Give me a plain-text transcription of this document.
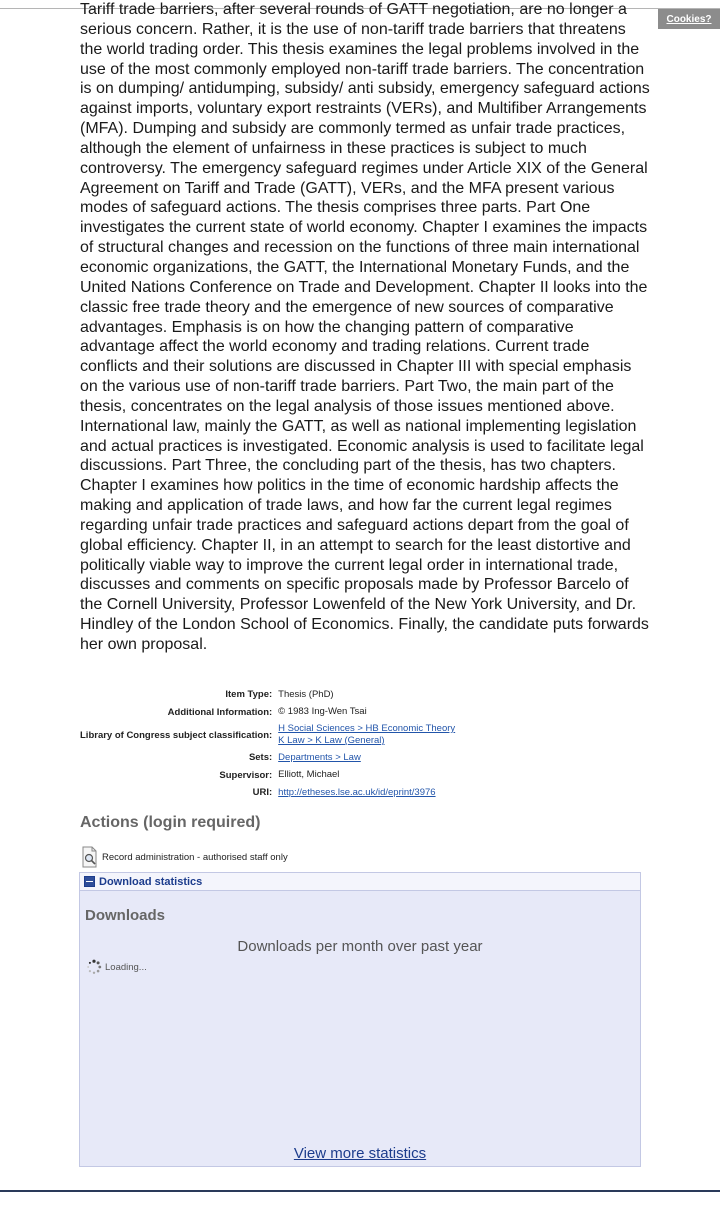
Cookies?

Tariff trade barriers, after several rounds of GATT negotiation, are no longer a serious concern. Rather, it is the use of non-tariff trade barriers that threatens the world trading order. This thesis examines the legal problems involved in the use of the most commonly employed non-tariff trade barriers. The concentration is on dumping/ antidumping, subsidy/ anti subsidy, emergency safeguard actions against imports, voluntary export restraints (VERs), and Multifiber Arrangements (MFA). Dumping and subsidy are commonly termed as unfair trade practices, although the element of unfairness in these practices is subject to much controversy. The emergency safeguard regimes under Article XIX of the General Agreement on Tariff and Trade (GATT), VERs, and the MFA present various modes of safeguard actions. The thesis comprises three parts. Part One investigates the current state of world economy. Chapter I examines the impacts of structural changes and recession on the functions of three main international economic organizations, the GATT, the International Monetary Funds, and the United Nations Conference on Trade and Development. Chapter II looks into the classic free trade theory and the emergence of new sources of comparative advantages. Emphasis is on how the changing pattern of comparative advantage affect the world economy and trading relations. Current trade conflicts and their solutions are discussed in Chapter III with special emphasis on the various use of non-tariff trade barriers. Part Two, the main part of the thesis, concentrates on the legal analysis of those issues mentioned above. International law, mainly the GATT, as well as national implementing legislation and actual practices is investigated. Economic analysis is used to facilitate legal discussions. Part Three, the concluding part of the thesis, has two chapters. Chapter I examines how politics in the time of economic hardship affects the making and application of trade laws, and how far the current legal regimes regarding unfair trade practices and safeguard actions depart from the goal of global efficiency. Chapter II, in an attempt to search for the least distortive and politically viable way to improve the current legal order in international trade, discusses and comments on specific proposals made by Professor Barcelo of the Cornell University, Professor Lowenfeld of the New York University, and Dr. Hindley of the London School of Economics. Finally, the candidate puts forwards her own proposal.

Item Type:	Thesis (PhD)
Additional Information:	© 1983 Ing-Wen Tsai
Library of Congress subject classification:	H Social Sciences > HB Economic Theory
K Law > K Law (General)

Sets:	Departments > Law

Supervisor:	Elliott, Michael
URI:	http://etheses.lse.ac.uk/id/eprint/3976
Actions (login required)
Record administration - authorised staff only
Download statistics
Downloads
Downloads per month over past year
Loading...
View more statistics
